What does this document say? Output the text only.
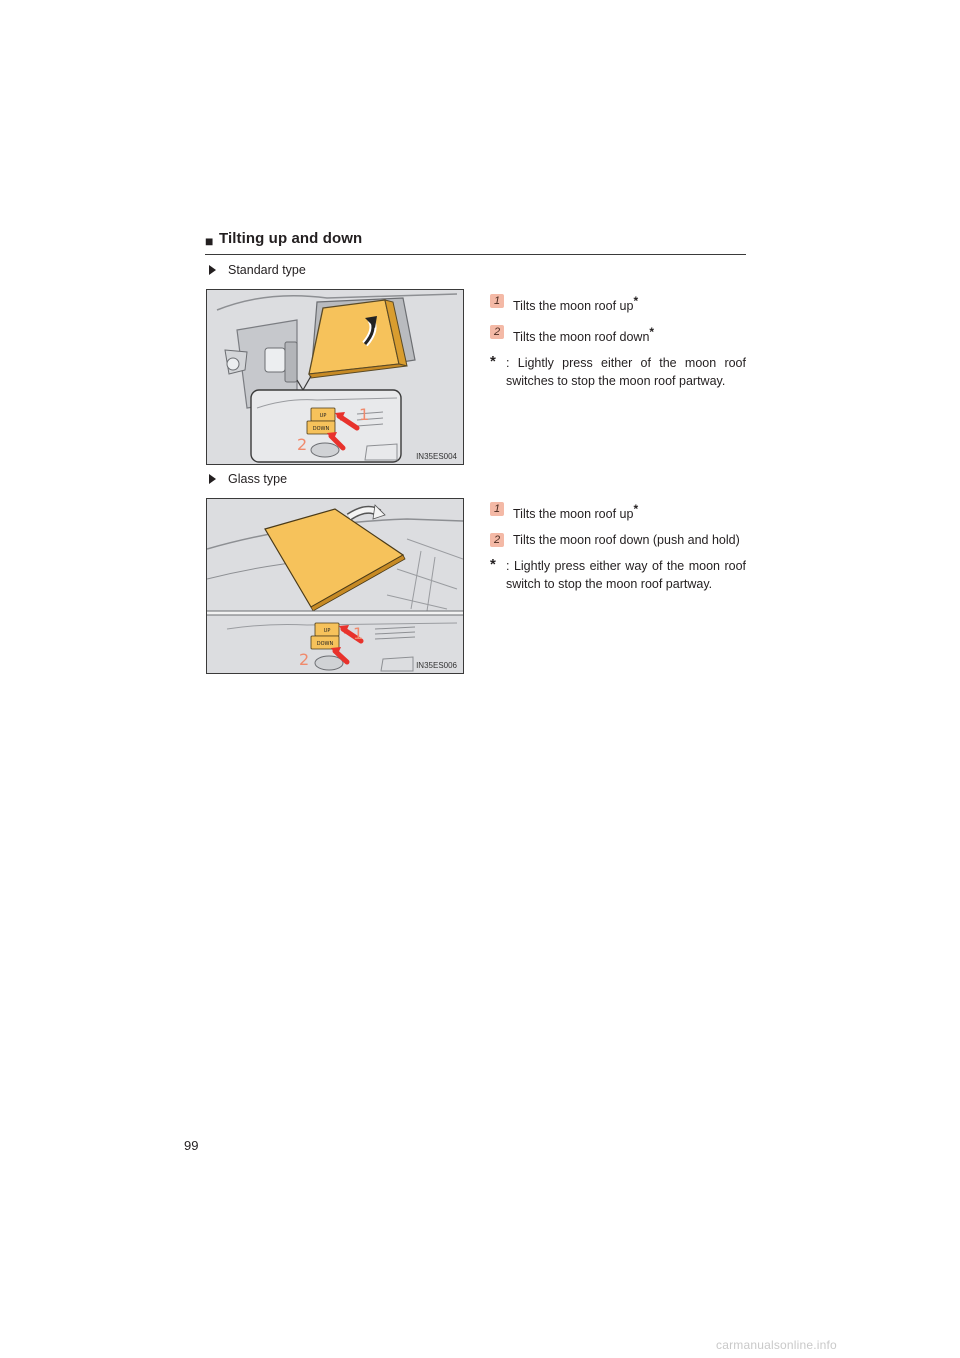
■ Tilting up and down
Standard type
UP
DOWN
1
2
IN35ES004
1	Tilts the moon roof up*
2	Tilts the moon roof down*
* : Lightly press either of the moon roof switches to stop the moon roof partway.
Glass type
UP
DOWN
1
2	IN35ES006
1	Tilts the moon roof up*
2	Tilts the moon roof down (push and hold)
* : Lightly press either way of the moon roof switch to stop the moon roof partway.
99
carmanualsonline.info
